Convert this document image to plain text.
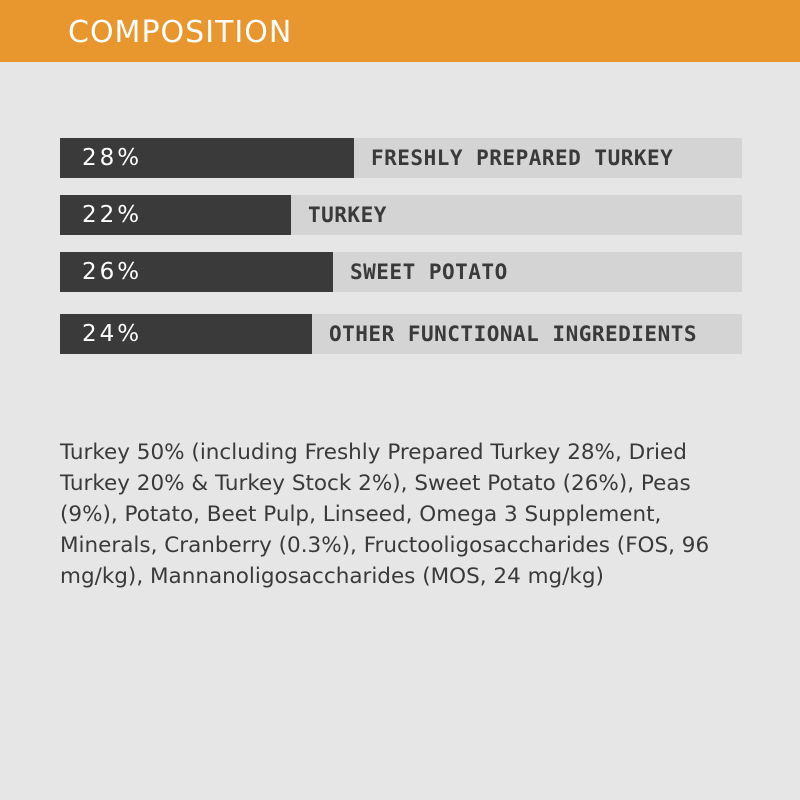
COMPOSITION
28%	FRESHLY PREPARED TURKEY
22%	TURKEY
26%	SWEET POTATO
24%	OTHER FUNCTIONAL INGREDIENTS
Turkey 50% (including Freshly Prepared Turkey 28%, Dried Turkey 20% & Turkey Stock 2%), Sweet Potato (26%), Peas (9%), Potato, Beet Pulp, Linseed, Omega 3 Supplement, Minerals, Cranberry (0.3%), Fructooligosaccharides (FOS, 96 mg/kg), Mannanoligosaccharides (MOS, 24 mg/kg)
